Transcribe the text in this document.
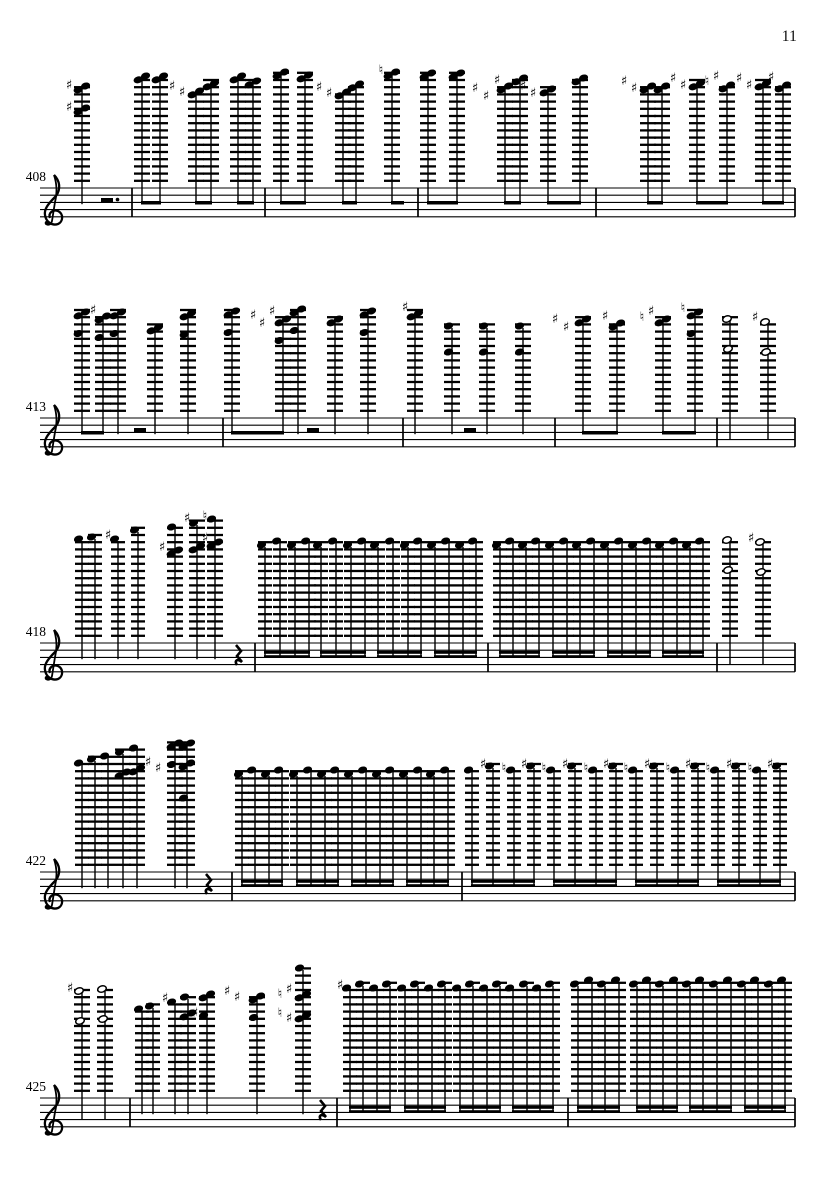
11
408
♯
♯
♯ ♯	♯ ♯
♮
♯
♯
♯ ♯ ♯
♯ ♯
♯ ♯ ♮ ♯ ♯ ♯
♯
413
♯	♯
♯
♯	♯
♯
♯
♯ ♮ ♯ ♮
♯
418
♯
♯
♯ ♮
♯	♯
422
♯ ♯	♯ ♮ ♯ ♮ ♯ ♮ ♯ ♮ ♯ ♮ ♯ ♮ ♯ ♮ ♯
425
♯
♯
♯
♯ ♯	♮ ♯
♮ ♯
♯
